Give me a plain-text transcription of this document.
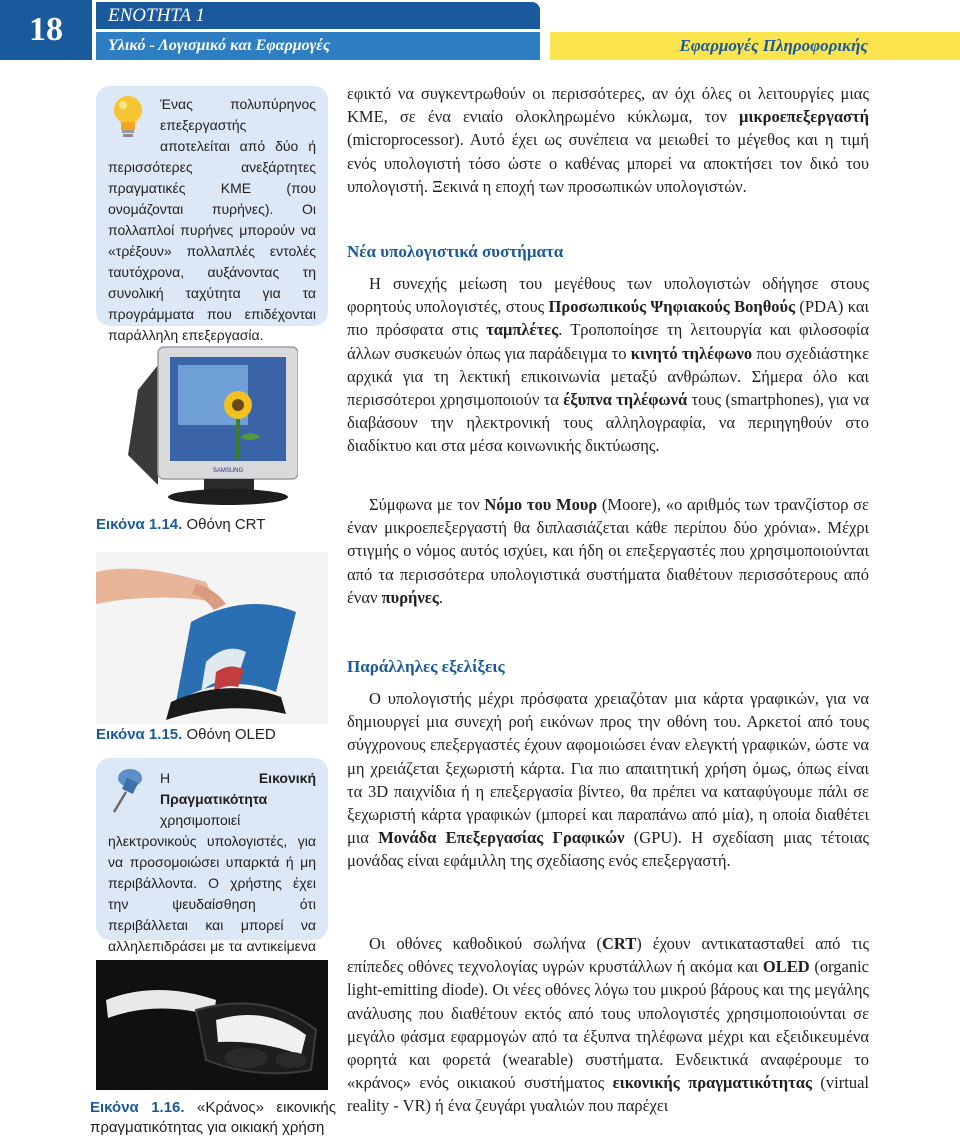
18	ΕΝΟΤΗΤΑ 1
Υλικό - Λογισμικό και Εφαρμογές	Εφαρμογές Πληροφορικής
Ένας πολυπύρηνος επεξεργαστής αποτελείται από δύο ή περισσότερες ανεξάρτητες πραγματικές ΚΜΕ (που ονομάζονται πυρήνες). Οι πολλαπλοί πυρήνες μπορούν να «τρέξουν» πολλαπλές εντολές ταυτόχρονα, αυξάνοντας τη συνολική ταχύτητα για τα προγράμματα που επιδέχονται παράλληλη επεξεργασία.
SAMSUNG
Εικόνα 1.14. Οθόνη CRT
Εικόνα 1.15. Οθόνη OLED
Η Εικονική Πραγματικότητα χρησιμοποιεί ηλεκτρονικούς υπολογιστές, για να προσομοιώσει υπαρκτά ή μη περιβάλλοντα. Ο χρήστης έχει την ψευδαίσθηση ότι περιβάλλεται και μπορεί να αλληλεπιδράσει με τα αντικείμενα
Εικόνα 1.16. «Κράνος» εικονικής πραγματικότητας για οικιακή χρήση

εφικτό να συγκεντρωθούν οι περισσότερες, αν όχι όλες οι λειτουργίες μιας ΚΜΕ, σε ένα ενιαίο ολοκληρωμένο κύκλωμα, τον μικροεπεξεργαστή (microprocessor). Αυτό έχει ως συνέπεια να μειωθεί το μέγεθος και η τιμή ενός υπολογιστή τόσο ώστε ο καθένας μπορεί να αποκτήσει τον δικό του υπολογιστή. Ξεκινά η εποχή των προσωπικών υπολογιστών.

Νέα υπολογιστικά συστήματα

Η συνεχής μείωση του μεγέθους των υπολογιστών οδήγησε στους φορητούς υπολογιστές, στους Προσωπικούς Ψηφιακούς Βοηθούς (PDA) και πιο πρόσφατα στις ταμπλέτες. Τροποποίησε τη λειτουργία και φιλοσοφία άλλων συσκευών όπως για παράδειγμα το κινητό τηλέφωνο που σχεδιάστηκε αρχικά για τη λεκτική επικοινωνία μεταξύ ανθρώπων. Σήμερα όλο και περισσότεροι χρησιμοποιούν τα έξυπνα τηλέφωνά τους (smartphones), για να διαβάσουν την ηλεκτρονική τους αλληλογραφία, να περιηγηθούν στο διαδίκτυο και στα μέσα κοινωνικής δικτύωσης.

Σύμφωνα με τον Νόμο του Μουρ (Moore), «ο αριθμός των τρανζίστορ σε έναν μικροεπεξεργαστή θα διπλασιάζεται κάθε περίπου δύο χρόνια». Μέχρι στιγμής ο νόμος αυτός ισχύει, και ήδη οι επεξεργαστές που χρησιμοποιούνται από τα περισσότερα υπολογιστικά συστήματα διαθέτουν περισσότερους από έναν πυρήνες.

Παράλληλες εξελίξεις

Ο υπολογιστής μέχρι πρόσφατα χρειαζόταν μια κάρτα γραφικών, για να δημιουργεί μια συνεχή ροή εικόνων προς την οθόνη του. Αρκετοί από τους σύγχρονους επεξεργαστές έχουν αφομοιώσει έναν ελεγκτή γραφικών, ώστε να μη χρειάζεται ξεχωριστή κάρτα. Για πιο απαιτητική χρήση όμως, όπως είναι τα 3D παιχνίδια ή η επεξεργασία βίντεο, θα πρέπει να καταφύγουμε πάλι σε ξεχωριστή κάρτα γραφικών (μπορεί και παραπάνω από μία), η οποία διαθέτει μια Μονάδα Επεξεργασίας Γραφικών (GPU). Η σχεδίαση μιας τέτοιας μονάδας είναι εφάμιλλη της σχεδίασης ενός επεξεργαστή.

Οι οθόνες καθοδικού σωλήνα (CRT) έχουν αντικατασταθεί από τις επίπεδες οθόνες τεχνολογίας υγρών κρυστάλλων ή ακόμα και OLED (organic light-emitting diode). Οι νέες οθόνες λόγω του μικρού βάρους και της μεγάλης ανάλυσης που διαθέτουν εκτός από τους υπολογιστές χρησιμοποιούνται σε μεγάλο φάσμα εφαρμογών από τα έξυπνα τηλέφωνα μέχρι και εξειδικευμένα φορητά και φορετά (wearable) συστήματα. Ενδεικτικά αναφέρουμε το «κράνος» ενός οικιακού συστήματος εικονικής πραγματικότητας (virtual reality - VR) ή ένα ζευγάρι γυαλιών που παρέχει
